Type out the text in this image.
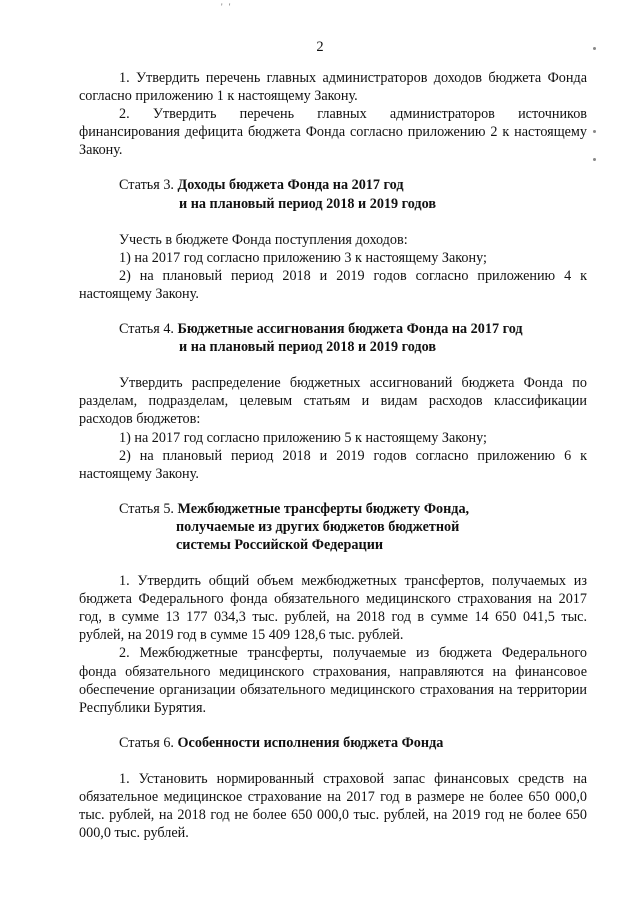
' '
2

1. Утвердить перечень главных администраторов доходов бюджета Фонда согласно приложению 1 к настоящему Закону.

2. Утвердить перечень главных администраторов источников финансирования дефицита бюджета Фонда согласно приложению 2 к настоящему Закону.

Статья 3.
Доходы бюджета Фонда на 2017 год
и на плановый период 2018 и 2019 годов

Учесть в бюджете Фонда поступления доходов:

1) на 2017 год согласно приложению 3 к настоящему Закону;

2) на плановый период 2018 и 2019 годов согласно приложению 4 к настоящему Закону.

Статья 4.
Бюджетные ассигнования бюджета Фонда на 2017 год
и на плановый период 2018 и 2019 годов

Утвердить распределение бюджетных ассигнований бюджета Фонда по разделам, подразделам, целевым статьям и видам расходов классификации расходов бюджетов:

1) на 2017 год согласно приложению 5 к настоящему Закону;

2) на плановый период 2018 и 2019 годов согласно приложению 6 к настоящему Закону.

Статья 5.
Межбюджетные трансферты бюджету Фонда,
получаемые из других бюджетов бюджетной
системы Российской Федерации

1. Утвердить общий объем межбюджетных трансфертов, получаемых из бюджета Федерального фонда обязательного медицинского страхования на 2017 год, в сумме 13 177 034,3 тыс. рублей, на 2018 год в сумме 14 650 041,5 тыс. рублей, на 2019 год в сумме 15 409 128,6 тыс. рублей.

2. Межбюджетные трансферты, получаемые из бюджета Федерального фонда обязательного медицинского страхования, направляются на финансовое обеспечение организации обязательного медицинского страхования на территории Республики Бурятия.

Статья 6.
Особенности исполнения бюджета Фонда

1. Установить нормированный страховой запас финансовых средств на обязательное медицинское страхование на 2017 год в размере не более 650 000,0 тыс. рублей, на 2018 год не более 650 000,0 тыс. рублей, на 2019 год не более 650 000,0 тыс. рублей.
